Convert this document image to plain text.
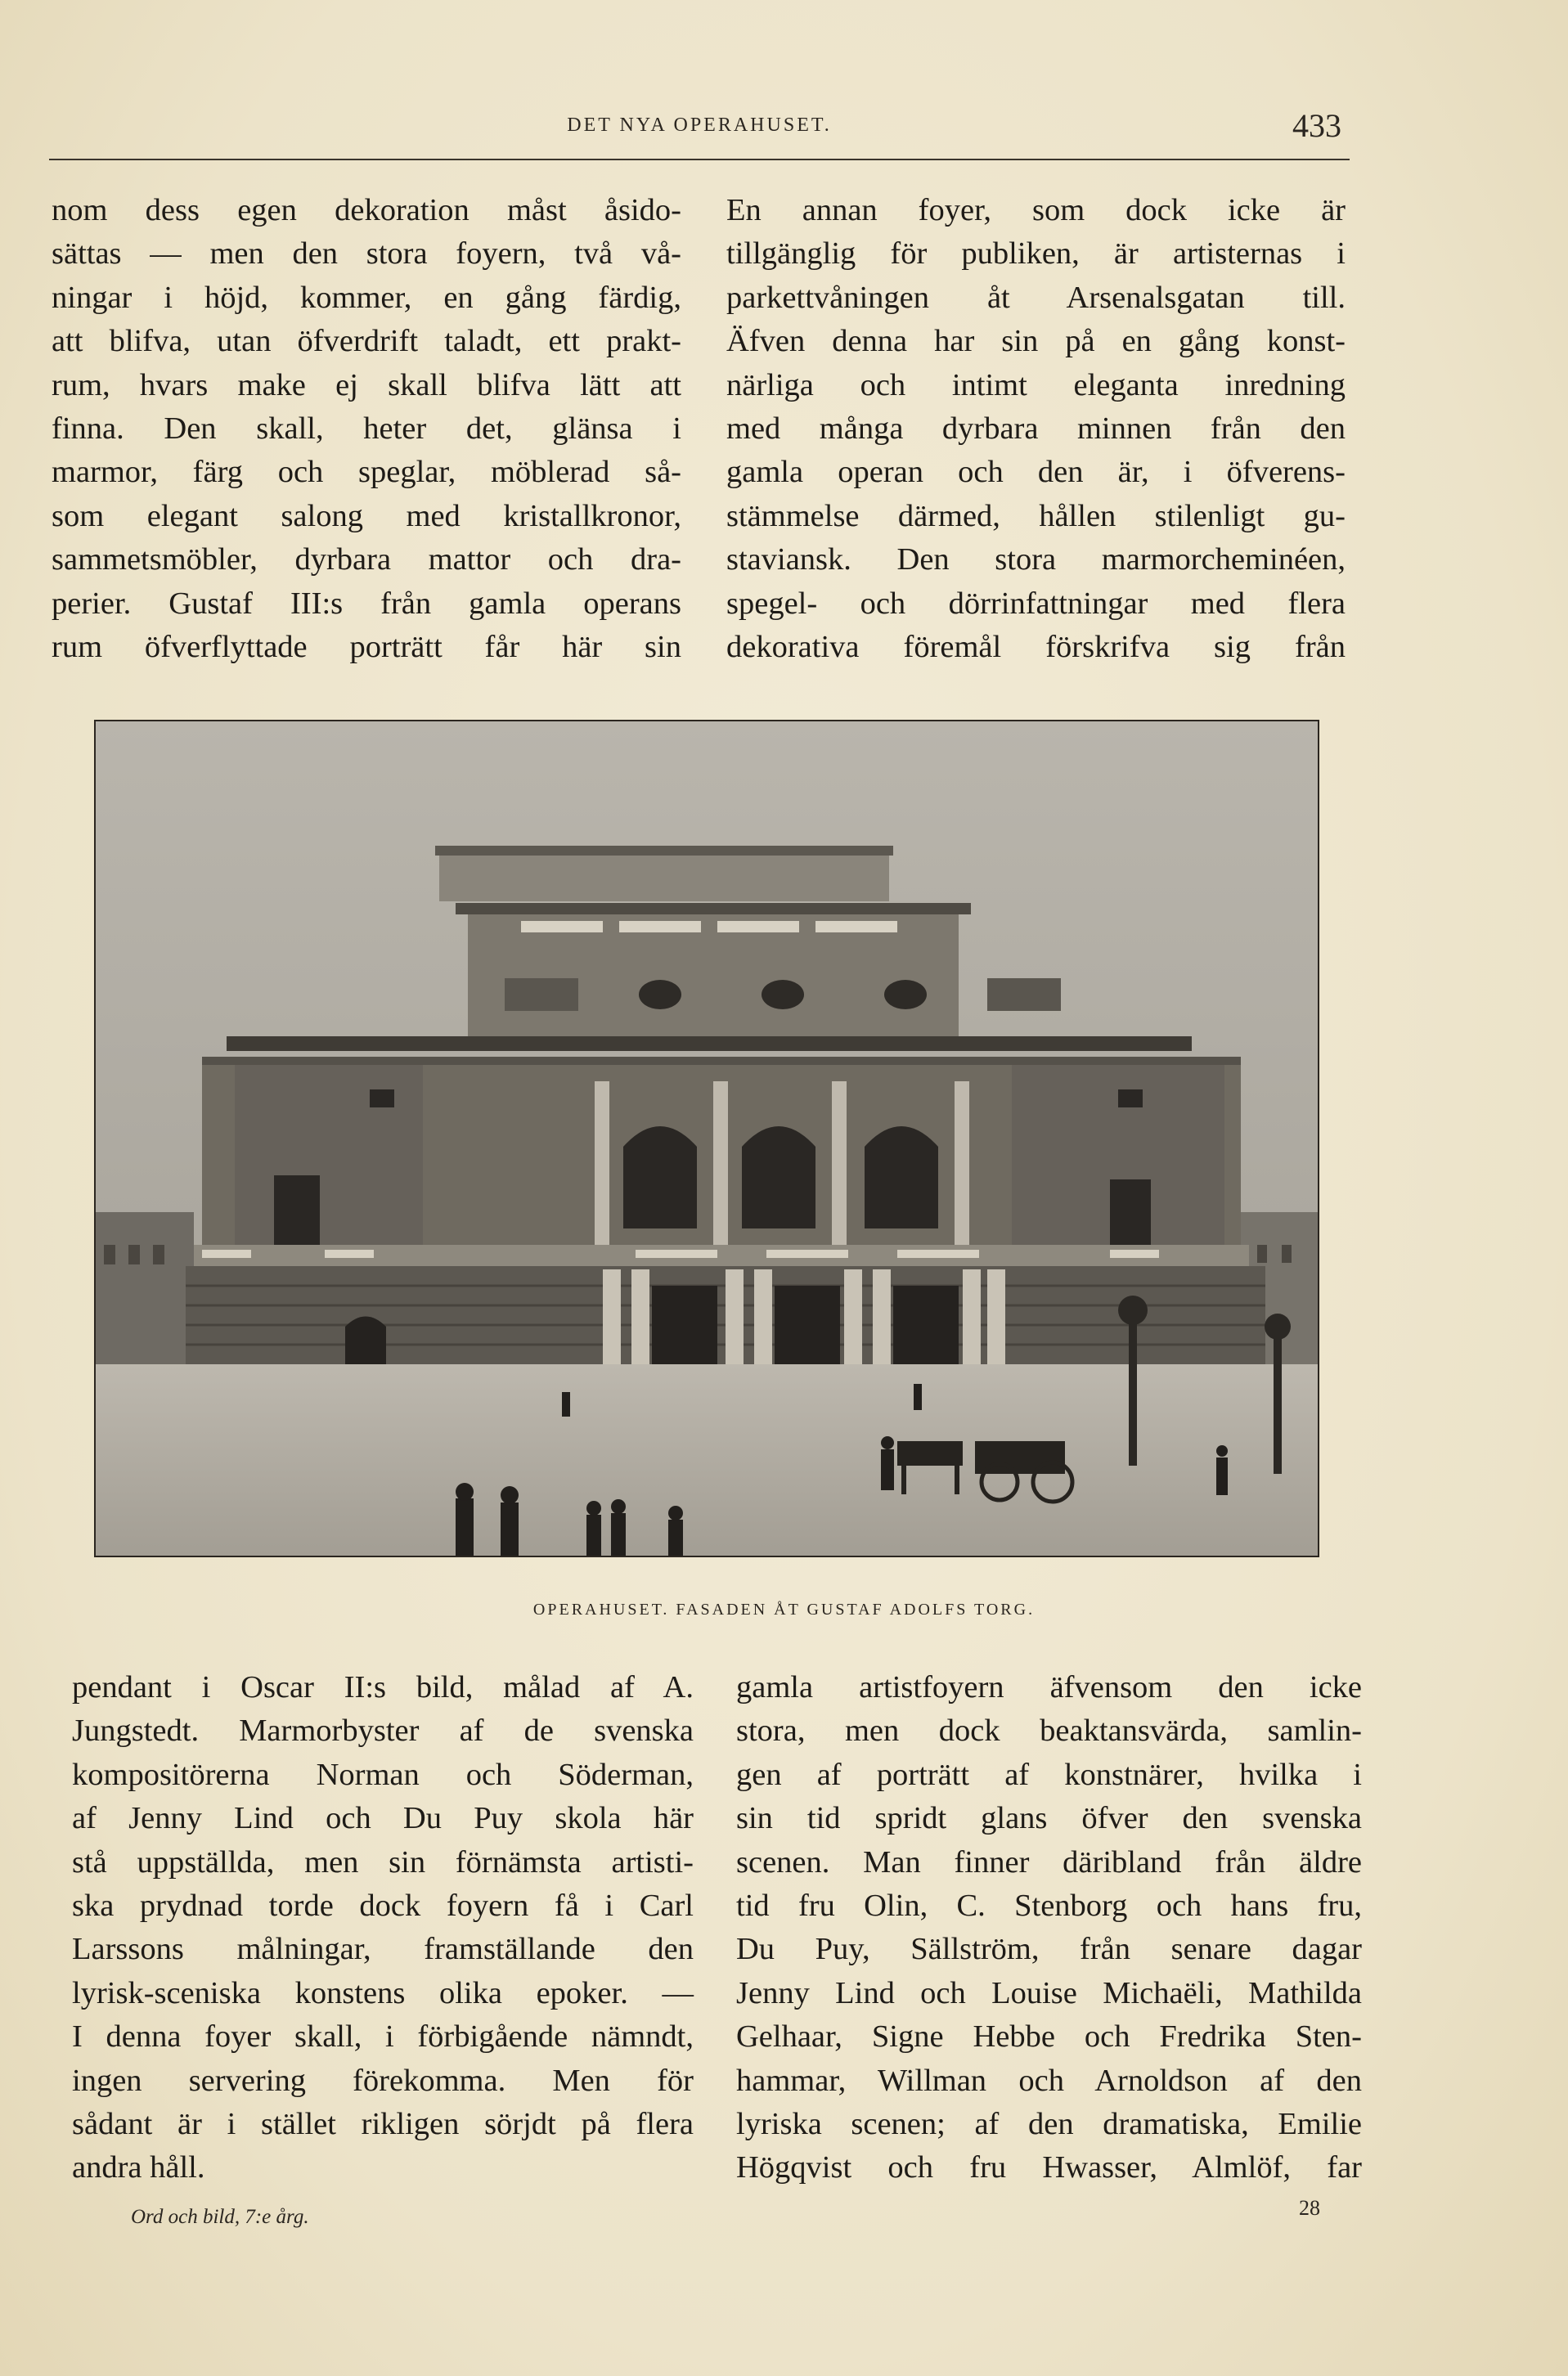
DET NYA OPERAHUSET.	433
nom dess egen dekoration måst åsido-
sättas — men den stora foyern, två vå-
ningar i höjd, kommer, en gång färdig,
att blifva, utan öfverdrift taladt, ett prakt-
rum, hvars make ej skall blifva lätt att
finna. Den skall, heter det, glänsa i
marmor, färg och speglar, möblerad så-
som elegant salong med kristallkronor,
sammetsmöbler, dyrbara mattor och dra-
perier. Gustaf III:s från gamla operans
rum öfverflyttade porträtt får här sin
En annan foyer, som dock icke är
tillgänglig för publiken, är artisternas i
parkettvåningen åt Arsenalsgatan till.
Äfven denna har sin på en gång konst-
närliga och intimt eleganta inredning
med många dyrbara minnen från den
gamla operan och den är, i öfverens-
stämmelse därmed, hållen stilenligt gu-
staviansk. Den stora marmorcheminéen,
spegel- och dörrinfattningar med flera
dekorativa föremål förskrifva sig från
OPERAHUSET. FASADEN ÅT GUSTAF ADOLFS TORG.
pendant i Oscar II:s bild, målad af A.
Jungstedt. Marmorbyster af de svenska
kompositörerna Norman och Söderman,
af Jenny Lind och Du Puy skola här
stå uppställda, men sin förnämsta artisti-
ska prydnad torde dock foyern få i Carl
Larssons målningar, framställande den
lyrisk-sceniska konstens olika epoker. —
I denna foyer skall, i förbigående nämndt,
ingen servering förekomma. Men för
sådant är i stället rikligen sörjdt på flera
andra håll.
gamla artistfoyern äfvensom den icke
stora, men dock beaktansvärda, samlin-
gen af porträtt af konstnärer, hvilka i
sin tid spridt glans öfver den svenska
scenen. Man finner däribland från äldre
tid fru Olin, C. Stenborg och hans fru,
Du Puy, Sällström, från senare dagar
Jenny Lind och Louise Michaëli, Mathilda
Gelhaar, Signe Hebbe och Fredrika Sten-
hammar, Willman och Arnoldson af den
lyriska scenen; af den dramatiska, Emilie
Högqvist och fru Hwasser, Almlöf, far
Ord och bild, 7:e årg.	28
